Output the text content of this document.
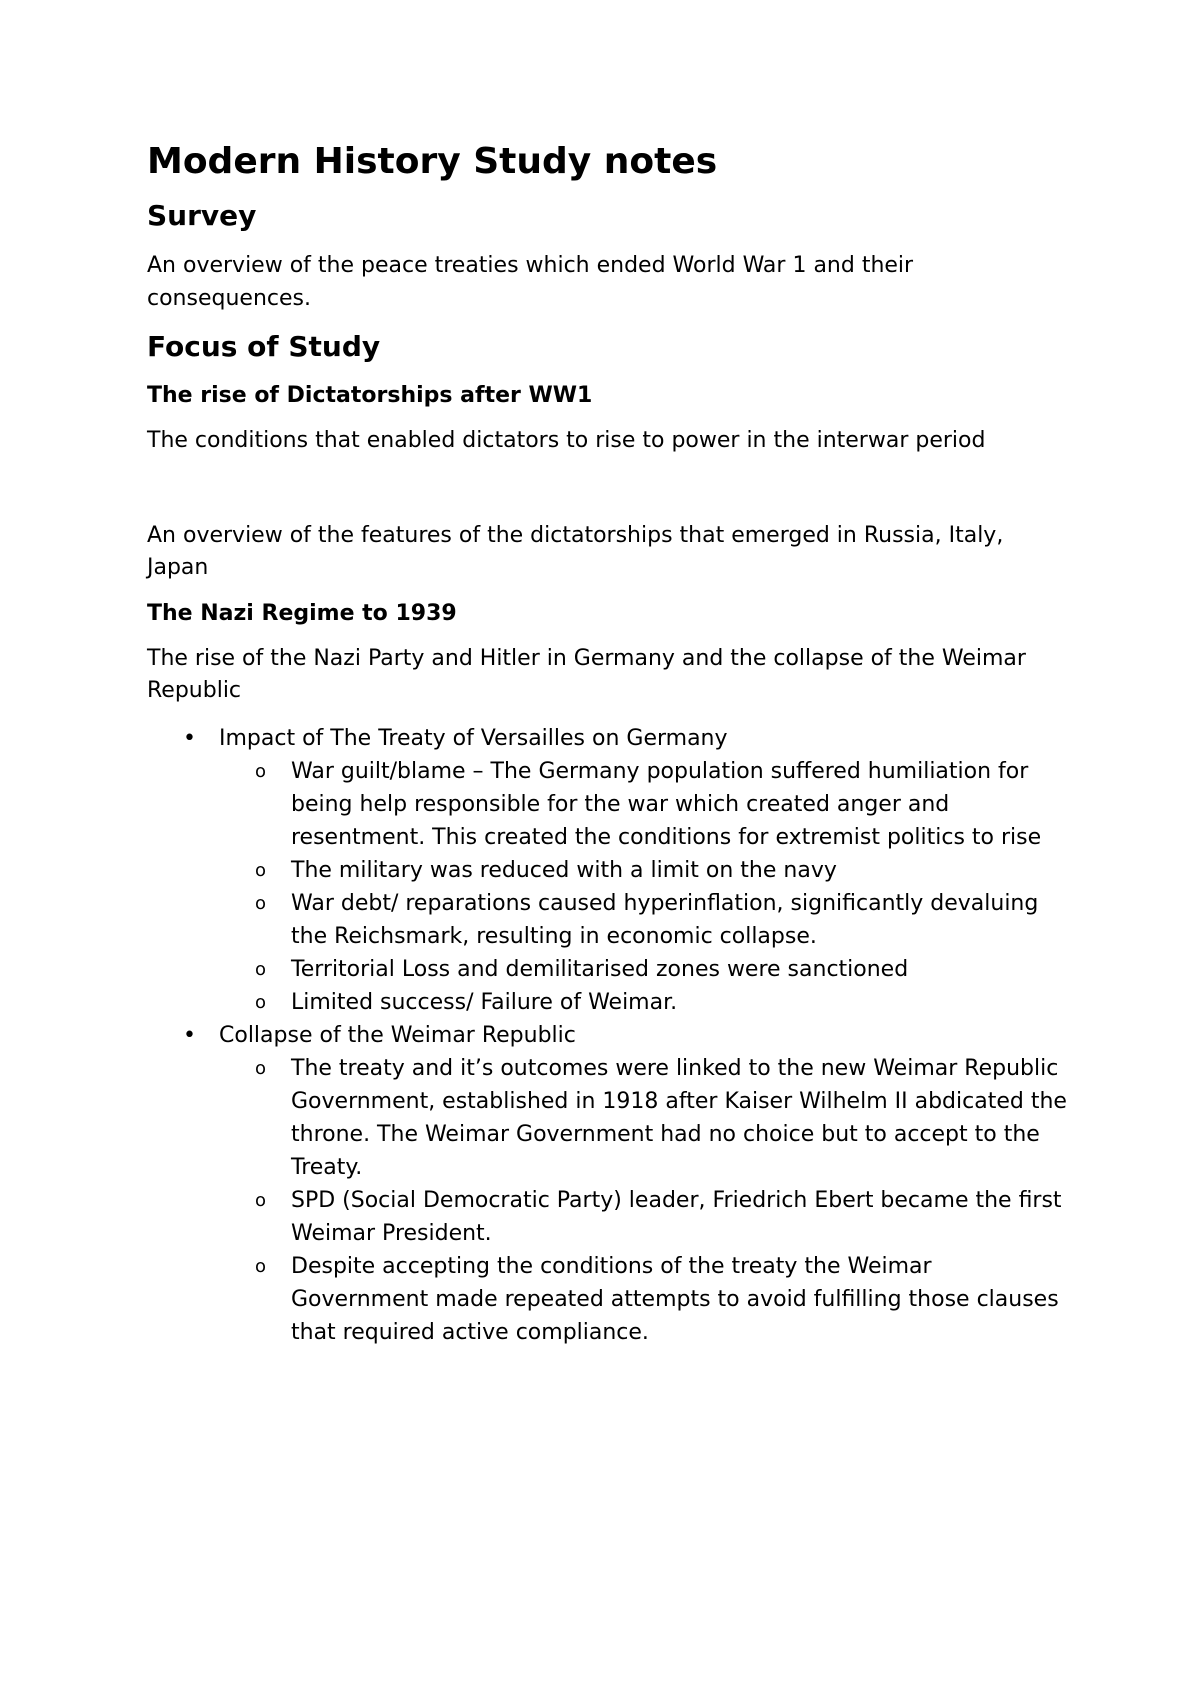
Modern History Study notes
Survey
An overview of the peace treaties which ended World War 1 and their consequences.
Focus of Study
The rise of Dictatorships after WW1
The conditions that enabled dictators to rise to power in the interwar period
An overview of the features of the dictatorships that emerged in Russia, Italy, Japan
The Nazi Regime to 1939
The rise of the Nazi Party and Hitler in Germany and the collapse of the Weimar Republic
• Impact of The Treaty of Versailles on Germany
o War guilt/blame – The Germany population suffered humiliation for being help responsible for the war which created anger and resentment. This created the conditions for extremist politics to rise
o The military was reduced with a limit on the navy
o War debt/ reparations caused hyperinflation, significantly devaluing the Reichsmark, resulting in economic collapse.
o Territorial Loss and demilitarised zones were sanctioned
o Limited success/ Failure of Weimar.
• Collapse of the Weimar Republic
o The treaty and it’s outcomes were linked to the new Weimar Republic Government, established in 1918 after Kaiser Wilhelm II abdicated the throne. The Weimar Government had no choice but to accept to the Treaty.
o SPD (Social Democratic Party) leader, Friedrich Ebert became the first Weimar President.
o Despite accepting the conditions of the treaty the Weimar Government made repeated attempts to avoid fulfilling those clauses that required active compliance.
